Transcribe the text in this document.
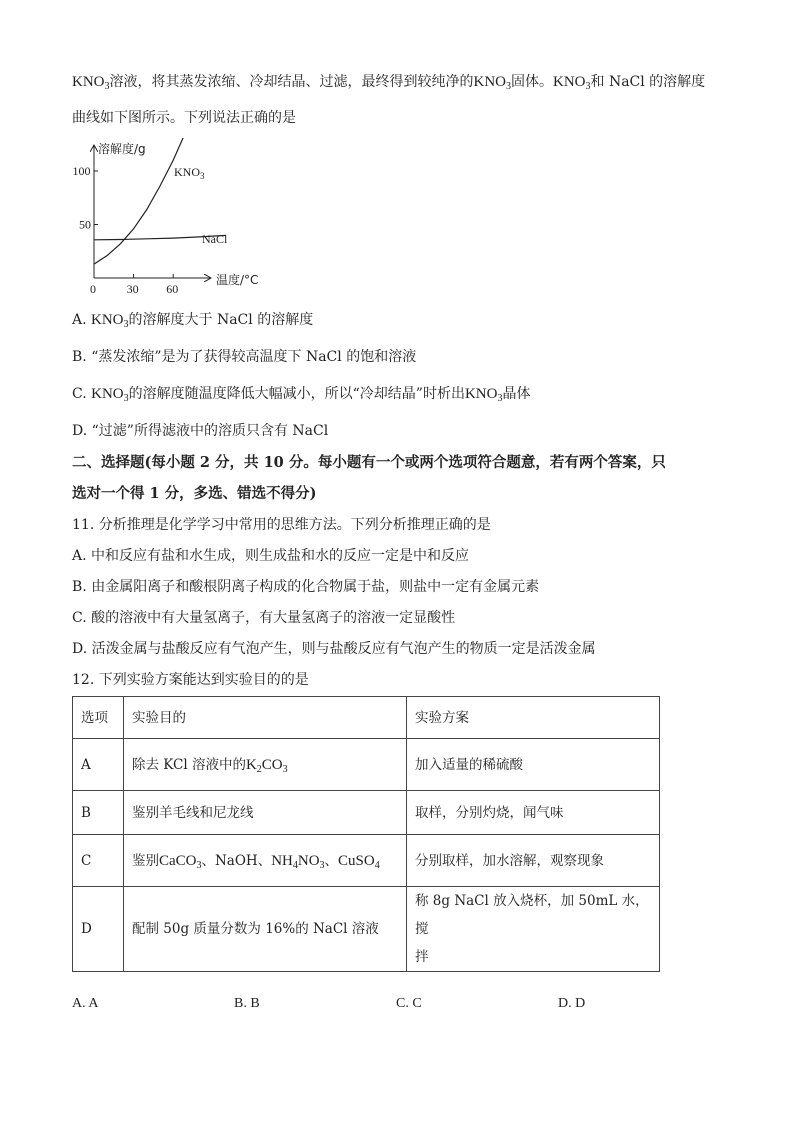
$KNO_3$溶液，将其蒸发浓缩、冷却结晶、过滤，最终得到较纯净的$KNO_3$固体。$KNO_3$和 NaCl 的溶解度
曲线如下图所示。下列说法正确的是
溶解度/g
温度/°C
0	30 60
50
100	$KNO_3$
NaCl
A. $KNO_3$的溶解度大于 NaCl 的溶解度
B. “蒸发浓缩”是为了获得较高温度下 NaCl 的饱和溶液
C. $KNO_3$的溶解度随温度降低大幅减小，所以“冷却结晶”时析出$KNO_3$晶体
D. “过滤”所得滤液中的溶质只含有 NaCl
二、选择题(每小题 2 分，共 10 分。每小题有一个或两个选项符合题意，若有两个答案，只
选对一个得 1 分，多选、错选不得分)
11. 分析推理是化学学习中常用的思维方法。下列分析推理正确的是
A. 中和反应有盐和水生成，则生成盐和水的反应一定是中和反应
B. 由金属阳离子和酸根阴离子构成的化合物属于盐，则盐中一定有金属元素
C. 酸的溶液中有大量氢离子，有大量氢离子的溶液一定显酸性
D. 活泼金属与盐酸反应有气泡产生，则与盐酸反应有气泡产生的物质一定是活泼金属
12. 下列实验方案能达到实验目的的是
选项	实验目的	实验方案
A	除去 KCl 溶液中的$K_2CO_3$	加入适量的稀硫酸
B	鉴别羊毛线和尼龙线	取样，分别灼烧，闻气味
C	鉴别CaCO$_3$、NaOH、$NH_4NO_3$、CuSO$_4$	分别取样，加水溶解，观察现象
D	配制 50g 质量分数为 16%的 NaCl 溶液	称 8g NaCl 放入烧杯，加 50mL 水，搅
拌
A. A	B. B	C. C	D. D
